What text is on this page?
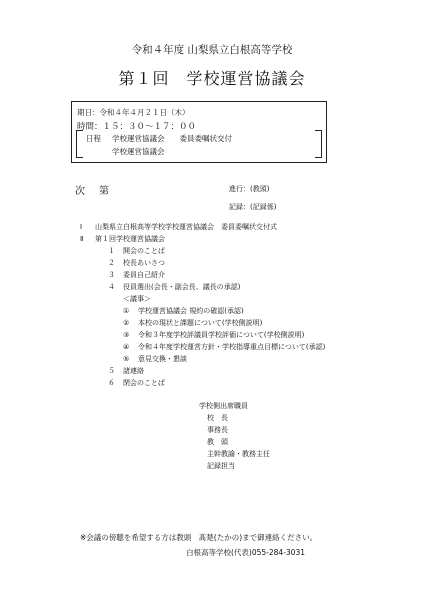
令和４年度 山梨県立白根高等学校
第１回　学校運営協議会
期日：令和４年４月２１日（木）
時間：１５：３０～１７：００
日程 学校運営協議会　　委員委嘱状交付
学校運営協議会
次　第	進行：(教頭)
記録：(記録係)
Ⅰ 山梨県立白根高等学校学校運営協議会　委員委嘱状交付式
Ⅱ 第１回学校運営協議会
１ 開会のことば
２ 校長あいさつ
３ 委員自己紹介
４ 役員選出(会長・副会長、議長の承認)
＜議事＞
① 学校運営協議会 規約の確認(承認)
② 本校の現状と課題について(学校側説明)
③ 令和３年度学校評議員学校評価について(学校側説明)
④ 令和４年度学校運営方針・学校指導重点目標について(承認)
⑤ 意見交換・懇談
５ 諸連絡
６ 閉会のことば
学校側出席職員
校　長
事務長
教　頭
主幹教諭・教務主任
記録担当
※会議の傍聴を希望する方は教頭　髙楚(たかの)まで御連絡ください。
白根高等学校(代表)055-284-3031
